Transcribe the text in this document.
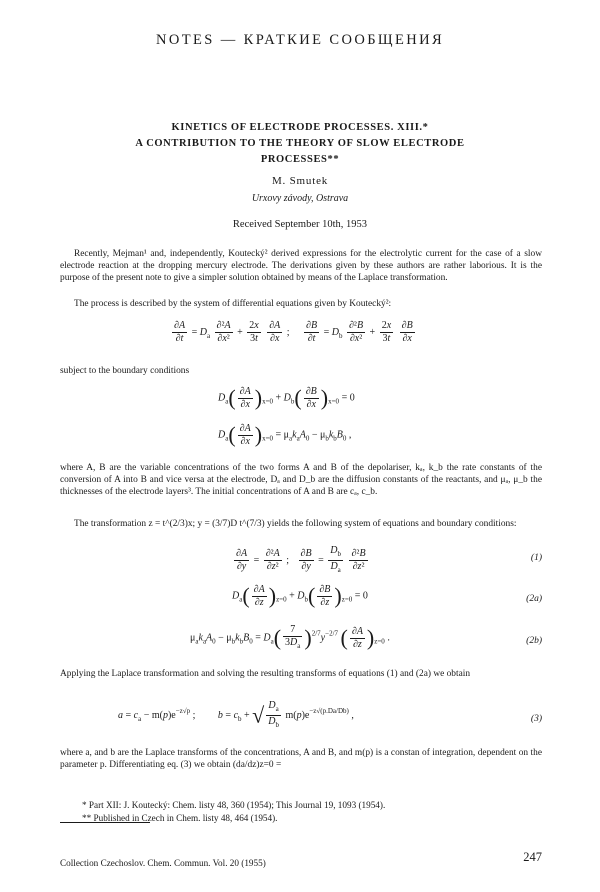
NOTES — КРАТКИЕ СООБЩЕНИЯ
KINETICS OF ELECTRODE PROCESSES. XIII.*
A CONTRIBUTION TO THE THEORY OF SLOW ELECTRODE
PROCESSES**
M. Smutek
Urxovy závody, Ostrava
Received September 10th, 1953
Recently, Mejman¹ and, independently, Koutecký² derived expressions for the electrolytic current for the case of a slow electrode reaction at the dropping mercury electrode. The derivations given by these authors are rather laborious. It is the purpose of the present note to give a simpler solution obtained by means of the Laplace transformation.
The process is described by the system of differential equations given by Koutecký²:
$\frac{\partial A}{\partial t} = D_a \frac{\text{∂²A}}{\text{∂x²}} + \frac{2x}{3t}$
$\frac{\partial A}{\partial x}$ ; $\frac{\partial B}{\partial t} = D_b \frac{\text{∂²B}}{\text{∂x²}} + \frac{2x}{3t}$
$\frac{\partial B}{\partial x}$
subject to the boundary conditions
$D_a( \frac{\partial A}{\partial x} )_{x=0} + D_b( \frac{\partial B}{\partial x} )_{x=0} = 0$
$D_a( \frac{\partial A}{\partial x} )_{x=0} = \mu_ak_aA_0 - \mu_bk_bB_0$ ,
where A, B are the variable concentrations of the two forms A and B of the depolariser, kₐ, k_b the rate constants of the conversion of A into B and vice versa at the electrode, Dₐ and D_b are the diffusion constants of the reactants, and μₐ, μ_b the thicknesses of the electrode layers³. The initial concentrations of A and B are cₐ, c_b.
The transformation z = t^(2/3)x; y = (3/7)D t^(7/3) yields the following system of equations and boundary conditions:
$\frac{\partial A}{\partial y} = \frac{\text{∂²A}}{\text{∂z²}}$ ; $\frac{\partial B}{\partial y} = \frac{D_b}{D_a}$
$\frac{\text{∂²B}}{\text{∂z²}}$	(1)
$D_a( \frac{\partial A}{\partial z} )_{z=0} + D_b( \frac{\partial B}{\partial z} )_{z=0} = 0$	(2a)
$\mu_ak_aA_0 - \mu_bk_bB_0 = D_a( \frac{7}{3D_a} )^{2/7}y^{-2/7}$ ( $\frac{\partial A}{\partial z} )_{z=0}$ .	(2b)
Applying the Laplace transformation and solving the resulting transforms of equations (1) and (2a) we obtain
$a = c_a - m(p)e^{-z√p}$ ;         $b = c_b$ + √ $\frac{D_a}{D_b} m(p)e^{-z√(p.Da/Db)}$ ,	(3)
where a, and b are the Laplace transforms of the concentrations, A and B, and m(p) is a constan of integration, dependent on the parameter p. Differentiating eq. (3) we obtain (da/dz)z=0 =
* Part XII: J. Koutecký: Chem. listy 48, 360 (1954); This Journal 19, 1093 (1954).
** Published in Czech in Chem. listy 48, 464 (1954).
Collection Czechoslov. Chem. Commun. Vol. 20 (1955)	247
